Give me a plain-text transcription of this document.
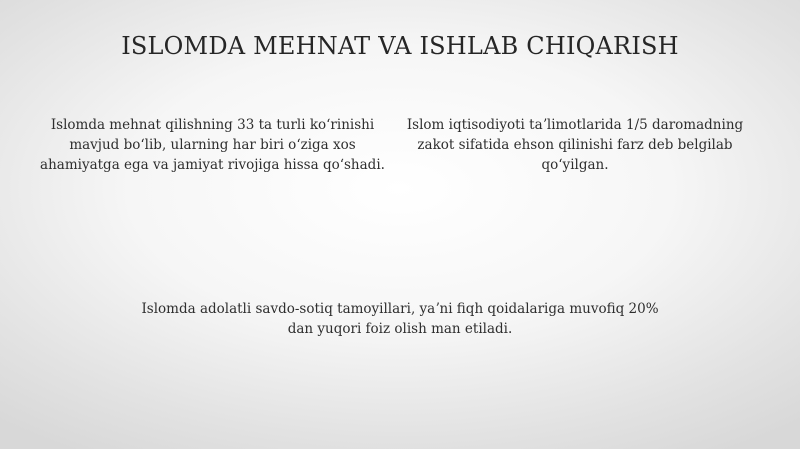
ISLOMDA MEHNAT VA ISHLAB CHIQARISH

Islomda mehnat qilishning 33 ta turli koʻrinishi mavjud boʻlib, ularning har biri oʻziga xos ahamiyatga ega va jamiyat rivojiga hissa qoʻshadi.

Islom iqtisodiyoti taʼlimotlarida 1/5 daromadning zakot sifatida ehson qilinishi farz deb belgilab qoʻyilgan.

Islomda adolatli savdo-sotiq tamoyillari, yaʼni fiqh qoidalariga muvofiq 20% dan yuqori foiz olish man etiladi.
